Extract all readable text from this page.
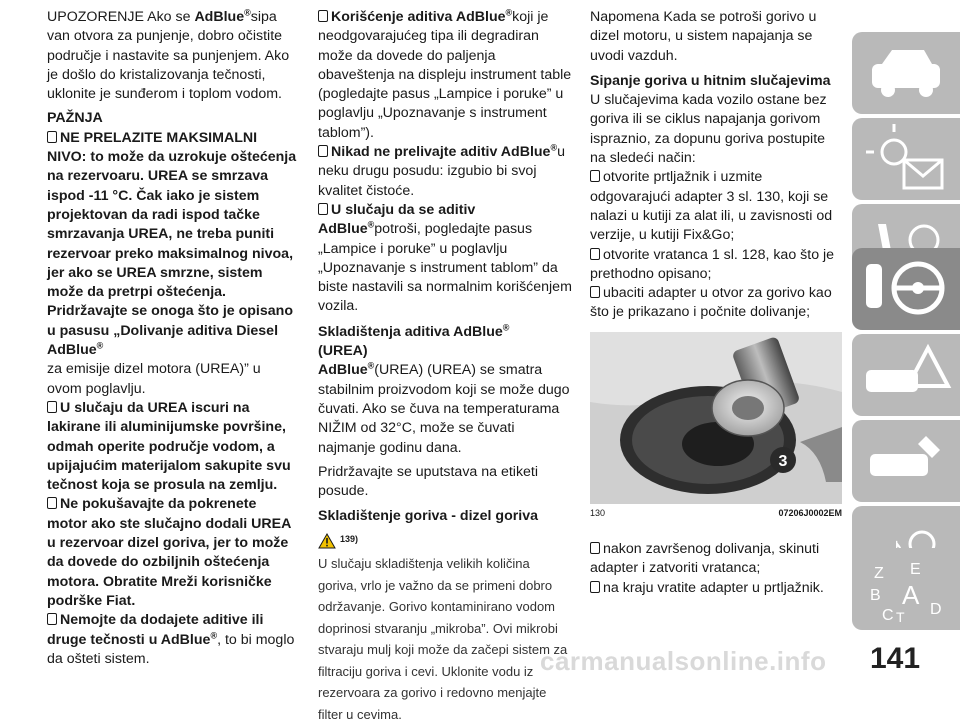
UPOZORENJE Ako se AdBlue®sipa van otvora za punjenje, dobro očistite područje i nastavite sa punjenjem. Ako je došlo do kristalizovanja tečnosti, uklonite je sunđerom i toplom vodom.

PAŽNJA

NE PRELAZITE MAKSIMALNI NIVO: to može da uzrokuje oštećenja na rezervoaru. UREA se smrzava ispod -11 °C. Čak iako je sistem projektovan da radi ispod tačke smrzavanja UREA, ne treba puniti rezervoar preko maksimalnog nivoa, jer ako se UREA smrzne, sistem može da pretrpi oštećenja. Pridržavajte se onoga što je opisano u pasusu „Dolivanje aditiva Diesel AdBlue®

za emisije dizel motora (UREA)” u ovom poglavlju.

U slučaju da UREA iscuri na lakirane ili aluminijumske površine, odmah operite područje vodom, a upijajućim materijalom sakupite svu tečnost koja se prosula na zemlju.

Ne pokušavajte da pokrenete motor ako ste slučajno dodali UREA u rezervoar dizel goriva, jer to može da dovede do ozbiljnih oštećenja motora. Obratite Mreži korisničke podrške Fiat.

Nemojte da dodajete aditive ili druge tečnosti u AdBlue®, to bi moglo da ošteti sistem.

Korišćenje aditiva AdBlue®koji je neodgovarajućeg tipa ili degradiran može da dovede do paljenja obaveštenja na displeju instrument table (pogledajte pasus „Lampice i poruke” u poglavlju „Upoznavanje s instrument tablom”).

Nikad ne prelivajte aditiv AdBlue®u neku drugu posudu: izgubio bi svoj kvalitet čistoće.

U slučaju da se aditiv AdBlue®potroši, pogledajte pasus „Lampice i poruke” u poglavlju „Upoznavanje s instrument tablom” da biste nastavili sa normalnim korišćenjem vozila.

Skladištenja aditiva AdBlue®
(UREA)

AdBlue®(UREA) (UREA) se smatra stabilnim proizvodom koji se može dugo čuvati. Ako se čuva na temperaturama NIŽIM od 32°C, može se čuvati najmanje godinu dana.

Pridržavajte se uputstava na etiketi posude.

Skladištenje goriva - dizel goriva

139)

U slučaju skladištenja velikih količina goriva, vrlo je važno da se primeni dobro održavanje. Gorivo kontaminirano vodom doprinosi stvaranju „mikroba”. Ovi mikrobi stvaraju mulj koji može da začepi sistem za filtraciju goriva i cevi. Uklonite vodu iz rezervoara za gorivo i redovno menjajte filter u cevima.

Napomena Kada se potroši gorivo u dizel motoru, u sistem napajanja se uvodi vazduh.

Sipanje goriva u hitnim slučajevima

U slučajevima kada vozilo ostane bez goriva ili se ciklus napajanja gorivom ispraznio, za dopunu goriva postupite na sledeći način:

otvorite prtljažnik i uzmite odgovarajući adapter 3 sl. 130, koji se nalazi u kutiji za alat ili, u zavisnosti od verzije, u kutiji Fix&Go;

otvorite vratanca 1 sl. 128, kao što je prethodno opisano;

ubaciti adapter u otvor za gorivo kao što je prikazano i počnite dolivanje;

3
130	07206J0002EM

nakon završenog dolivanja, skinuti adapter i zatvoriti vratanca;

na kraju vratite adapter u prtljažnik.

Z E
B A
C T D
carmanualsonline.info 141
